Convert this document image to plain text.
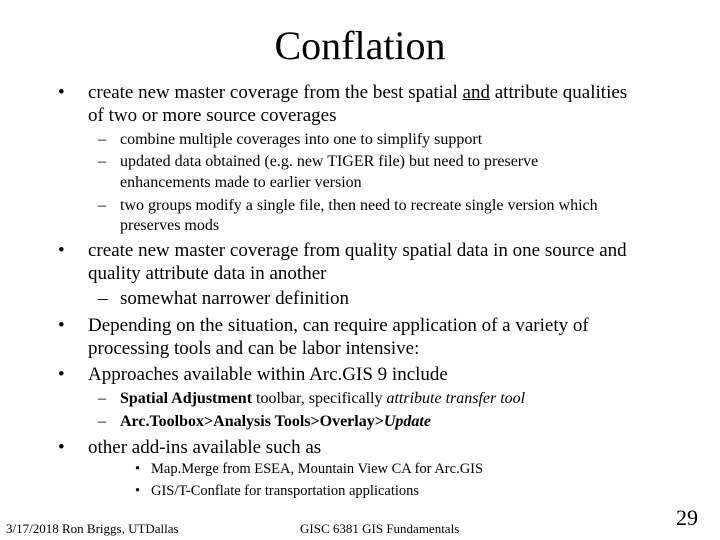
Conflation
• create new master coverage from the best spatial and attribute qualities
of two or more source coverages
– combine multiple coverages into one to simplify support
– updated data obtained (e.g. new TIGER file) but need to preserve
enhancements made to earlier version
– two groups modify a single file, then need to recreate single version which
preserves mods
• create new master coverage from quality spatial data in one source and
quality attribute data in another
– somewhat narrower definition
• Depending on the situation, can require application of a variety of
processing tools and can be labor intensive:
• Approaches available within Arc.GIS 9 include
– Spatial Adjustment toolbar, specifically attribute transfer tool
– Arc.Toolbox>Analysis Tools>Overlay>Update
• other add-ins available such as
• Map.Merge from ESEA, Mountain View CA for Arc.GIS
• GIS/T-Conflate for transportation applications
3/17/2018 Ron Briggs, UTDallas	GISC 6381 GIS Fundamentals	29
